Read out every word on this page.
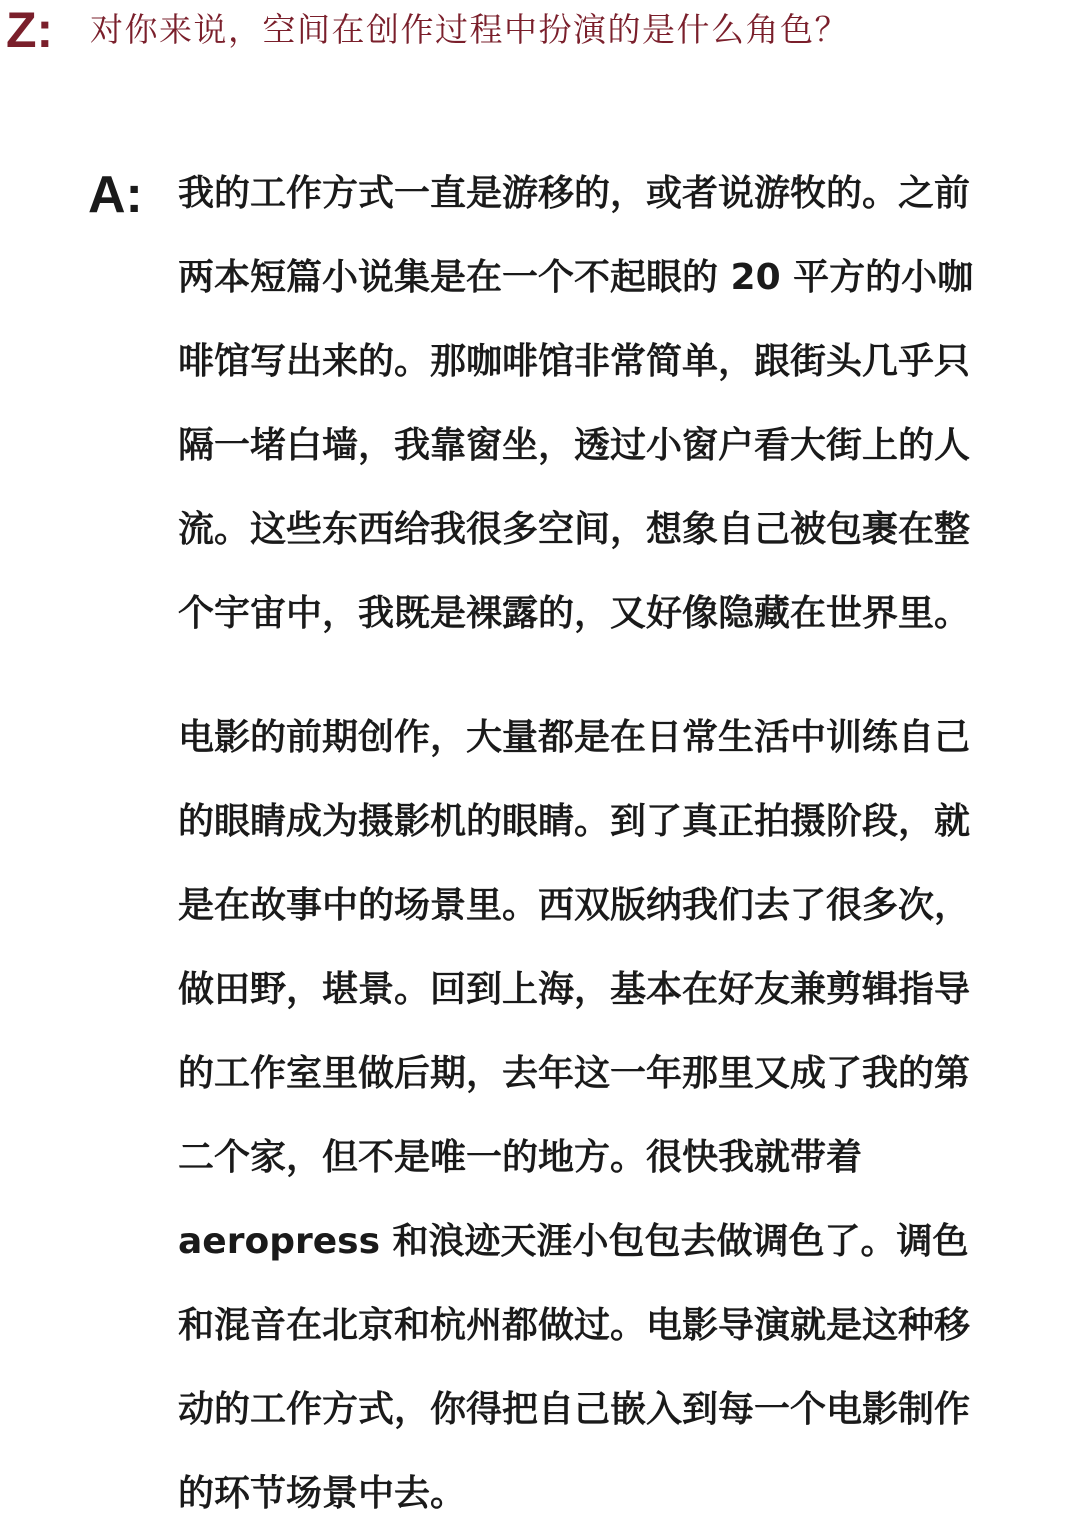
Z:	对你来说，空间在创作过程中扮演的是什么角色？
A: 我的工作方式一直是游移的，或者说游牧的。之前
两本短篇小说集是在一个不起眼的 20 平方的小咖
啡馆写出来的。那咖啡馆非常简单，跟街头几乎只
隔一堵白墙，我靠窗坐，透过小窗户看大街上的人
流。这些东西给我很多空间，想象自己被包裹在整
个宇宙中，我既是裸露的，又好像隐藏在世界里。
电影的前期创作，大量都是在日常生活中训练自己
的眼睛成为摄影机的眼睛。到了真正拍摄阶段，就
是在故事中的场景里。西双版纳我们去了很多次，
做田野，堪景。回到上海，基本在好友兼剪辑指导
的工作室里做后期，去年这一年那里又成了我的第
二个家，但不是唯一的地方。很快我就带着
aeropress 和浪迹天涯小包包去做调色了。调色
和混音在北京和杭州都做过。电影导演就是这种移
动的工作方式，你得把自己嵌入到每一个电影制作
的环节场景中去。
